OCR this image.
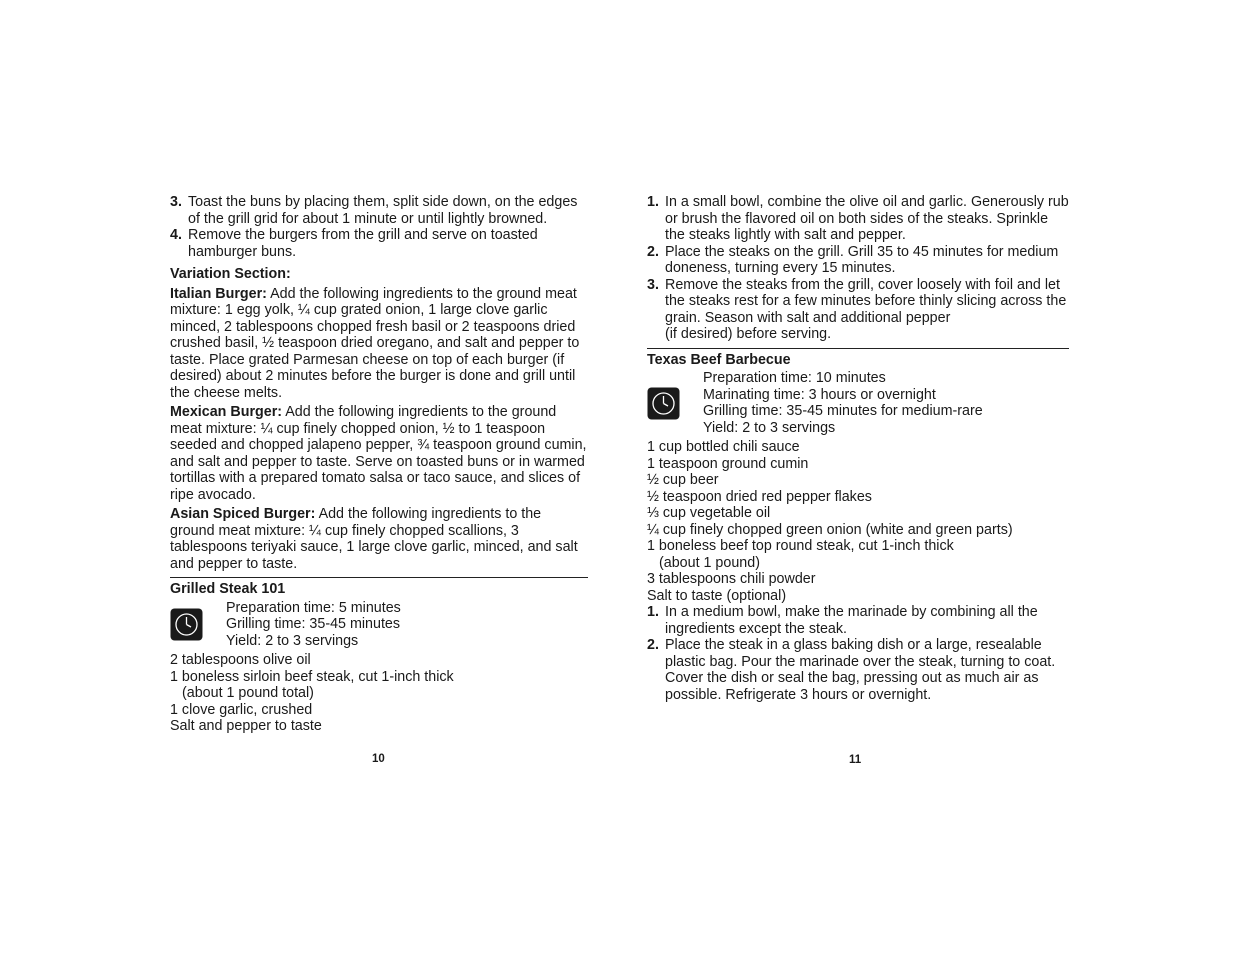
3. Toast the buns by placing them, split side down, on the edges of the grill grid for about 1 minute or until lightly browned.
4. Remove the burgers from the grill and serve on toasted hamburger buns.

Variation Section:

Italian Burger: Add the following ingredients to the ground meat mixture: 1 egg yolk, ¼ cup grated onion, 1 large clove garlic minced, 2 tablespoons chopped fresh basil or 2 teaspoons dried crushed basil, ½ teaspoon dried oregano, and salt and pepper to taste. Place grated Parmesan cheese on top of each burger (if desired) about 2 minutes before the burger is done and grill until the cheese melts.

Mexican Burger: Add the following ingredients to the ground meat mixture: ¼ cup finely chopped onion, ½ to 1 teaspoon seeded and chopped jalapeno pepper, ¾ teaspoon ground cumin, and salt and pepper to taste. Serve on toasted buns or in warmed tortillas with a prepared tomato salsa or taco sauce, and slices of ripe avocado.

Asian Spiced Burger: Add the following ingredients to the ground meat mixture: ¼ cup finely chopped scallions, 3 tablespoons teriyaki sauce, 1 large clove garlic, minced, and salt and pepper to taste.

Grilled Steak 101

Preparation time: 5 minutes

Grilling time: 35-45 minutes

Yield: 2 to 3 servings

2 tablespoons olive oil

1 boneless sirloin beef steak, cut 1-inch thick

(about 1 pound total)

1 clove garlic, crushed

Salt and pepper to taste

1. In a small bowl, combine the olive oil and garlic. Generously rub or brush the flavored oil on both sides of the steaks. Sprinkle the steaks lightly with salt and pepper.
2. Place the steaks on the grill. Grill 35 to 45 minutes for medium doneness, turning every 15 minutes.
3. Remove the steaks from the grill, cover loosely with foil and let the steaks rest for a few minutes before thinly slicing across the grain. Season with salt and additional pepper
(if desired) before serving.

Texas Beef Barbecue

Preparation time: 10 minutes

Marinating time: 3 hours or overnight

Grilling time: 35-45 minutes for medium-rare

Yield: 2 to 3 servings

1 cup bottled chili sauce

1 teaspoon ground cumin

½ cup beer

½ teaspoon dried red pepper flakes

⅓ cup vegetable oil

¼ cup finely chopped green onion (white and green parts)

1 boneless beef top round steak, cut 1-inch thick

(about 1 pound)

3 tablespoons chili powder

Salt to taste (optional)

1. In a medium bowl, make the marinade by combining all the ingredients except the steak.
2. Place the steak in a glass baking dish or a large, resealable plastic bag. Pour the marinade over the steak, turning to coat. Cover the dish or seal the bag, pressing out as much air as possible. Refrigerate 3 hours or overnight.
10	11
